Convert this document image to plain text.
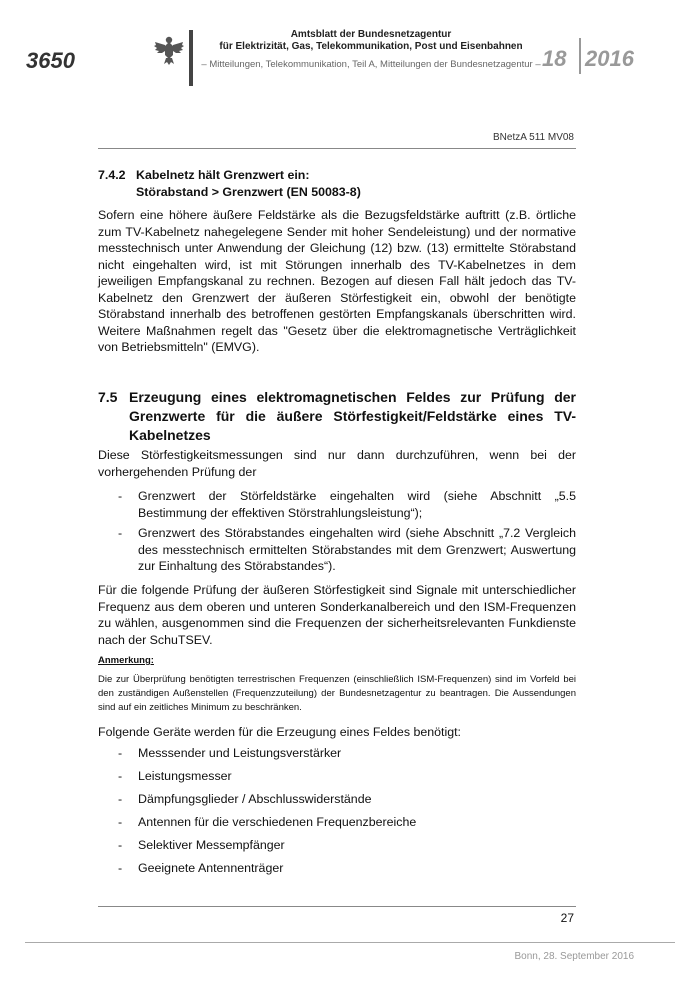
3650
Amtsblatt der Bundesnetzagentur
für Elektrizität, Gas, Telekommunikation, Post und Eisenbahnen
– Mitteilungen, Telekommunikation, Teil A, Mitteilungen der Bundesnetzagentur – 18 2016
BNetzA 511 MV08
7.4.2 Kabelnetz hält Grenzwert ein:
Störabstand > Grenzwert (EN 50083-8)
Sofern eine höhere äußere Feldstärke als die Bezugsfeldstärke auftritt (z.B. örtliche zum TV-Kabelnetz nahegelegene Sender mit hoher Sendeleistung) und der normative messtechnisch unter Anwendung der Gleichung (12) bzw. (13) ermittelte Störabstand nicht eingehalten wird, ist mit Störungen innerhalb des TV-Kabelnetzes in dem jeweiligen Empfangskanal zu rechnen. Bezogen auf diesen Fall hält jedoch das TV-Kabelnetz den Grenzwert der äußeren Störfestigkeit ein, obwohl der benötigte Störabstand innerhalb des betroffenen gestörten Empfangskanals überschritten wird. Weitere Maßnahmen regelt das "Gesetz über die elektromagnetische Verträglichkeit von Betriebsmitteln" (EMVG).
7.5 Erzeugung eines elektromagnetischen Feldes zur Prüfung der Grenzwerte für die äußere Störfestigkeit/Feldstärke eines TV-Kabelnetzes
Diese Störfestigkeitsmessungen sind nur dann durchzuführen, wenn bei der vorhergehenden Prüfung der
- Grenzwert der Störfeldstärke eingehalten wird (siehe Abschnitt „5.5 Bestimmung der effektiven Störstrahlungsleistung“);
- Grenzwert des Störabstandes eingehalten wird (siehe Abschnitt „7.2 Vergleich des messtechnisch ermittelten Störabstandes mit dem Grenzwert; Auswertung zur Einhaltung des Störabstandes“).
Für die folgende Prüfung der äußeren Störfestigkeit sind Signale mit unterschiedlicher Frequenz aus dem oberen und unteren Sonderkanalbereich und den ISM-Frequenzen zu wählen, ausgenommen sind die Frequenzen der sicherheitsrelevanten Funkdienste nach der SchuTSEV.
Anmerkung:
Die zur Überprüfung benötigten terrestrischen Frequenzen (einschließlich ISM-Frequenzen) sind im Vorfeld bei den zuständigen Außenstellen (Frequenzzuteilung) der Bundesnetzagentur zu beantragen. Die Aussendungen sind auf ein zeitliches Minimum zu beschränken.
Folgende Geräte werden für die Erzeugung eines Feldes benötigt:
- Messsender und Leistungsverstärker
- Leistungsmesser
- Dämpfungsglieder / Abschlusswiderstände
- Antennen für die verschiedenen Frequenzbereiche
- Selektiver Messempfänger
- Geeignete Antennenträger
27
Bonn, 28. September 2016
